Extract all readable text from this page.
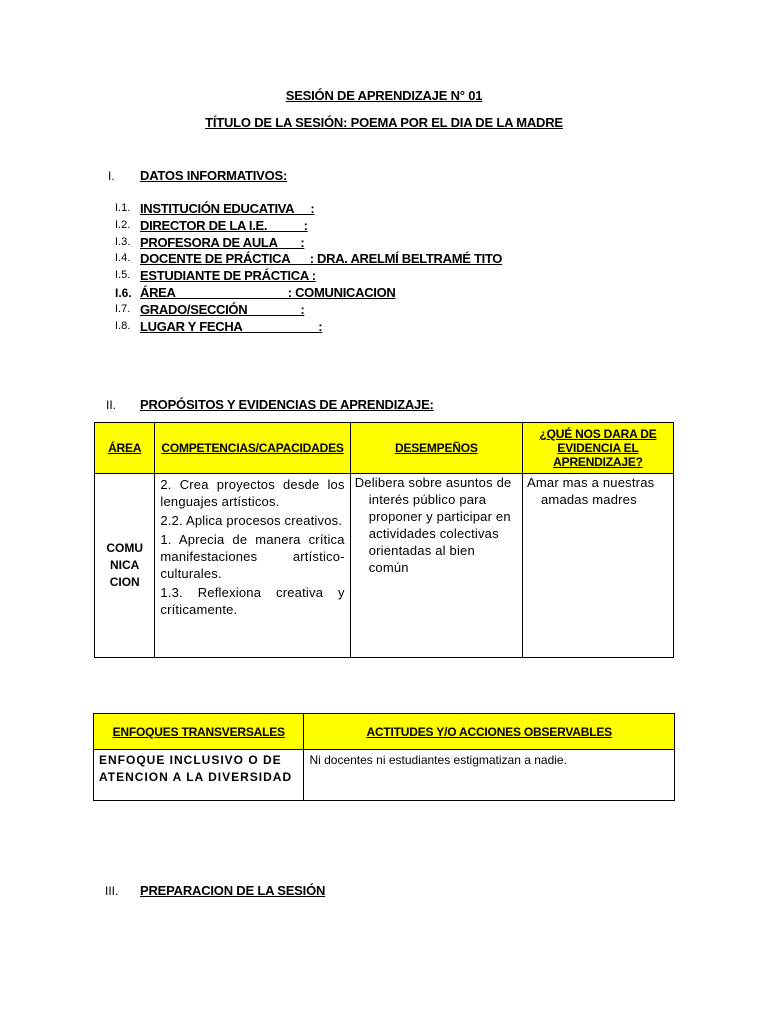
SESIÓN DE APRENDIZAJE N° 01
TÍTULO DE LA SESIÓN: POEMA POR EL DIA DE LA MADRE
I. DATOS INFORMATIVOS:
I.1. INSTITUCIÓN EDUCATIVA     :
I.2. DIRECTOR DE LA I.E.           :
I.3. PROFESORA DE AULA       :
I.4. DOCENTE DE PRÁCTICA      : DRA. ARELMÍ BELTRAMÉ TITO
I.5. ESTUDIANTE DE PRÁCTICA :
I.6. ÁREA                                  : COMUNICACION
I.7. GRADO/SECCIÓN                :
I.8. LUGAR Y FECHA                       :
II. PROPÓSITOS Y EVIDENCIAS DE APRENDIZAJE:
ÁREA	COMPETENCIAS/CAPACIDADES	DESEMPEÑOS	¿QUÉ NOS DARA DE EVIDENCIA EL APRENDIZAJE?
COMU NICA CION	2. Crea proyectos desde los lenguajes artísticos.
2.2. Aplica procesos creativos.
1. Aprecia de manera crítica manifestaciones artístico-culturales.
1.3. Reflexiona creativa y críticamente.	Delibera sobre asuntos de interés público para proponer y participar en actividades colectivas orientadas al bien común	Amar mas a nuestras amadas madres
ENFOQUES TRANSVERSALES	ACTITUDES Y/O ACCIONES OBSERVABLES
ENFOQUE INCLUSIVO O DE ATENCION A LA DIVERSIDAD	Ni docentes ni estudiantes estigmatizan a nadie.
III. PREPARACION DE LA SESIÓN
